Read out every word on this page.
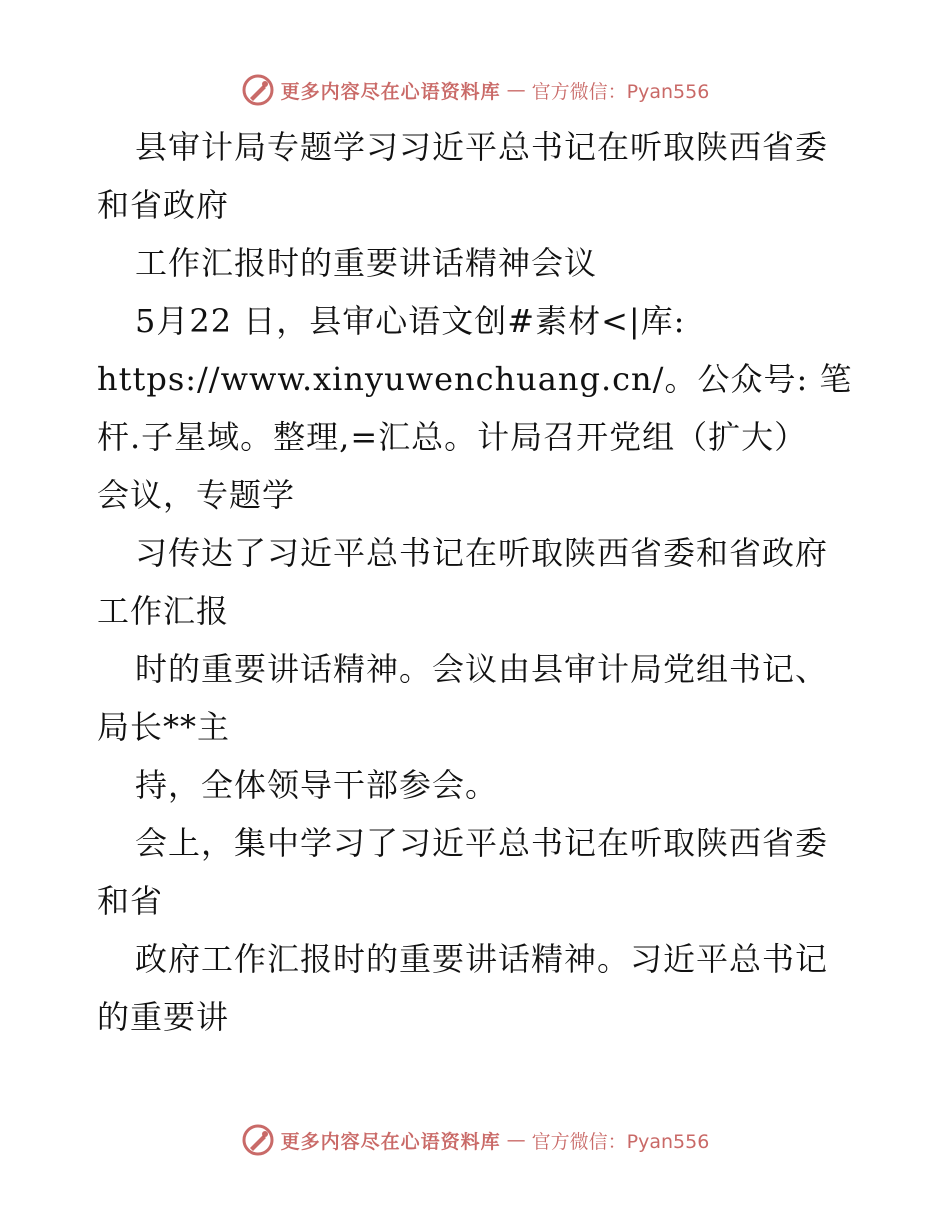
更多内容尽在心语资料库 — 官方微信：Pyan556
县审计局专题学习习近平总书记在听取陕西省委
和省政府
工作汇报时的重要讲话精神会议
5月22 日，县审心语文创#素材<|库:
https://www.xinyuwenchuang.cn/。公众号: 笔
杆.子星域。整理,=汇总。计局召开党组（扩大）
会议，专题学
习传达了习近平总书记在听取陕西省委和省政府
工作汇报
时的重要讲话精神。会议由县审计局党组书记、
局长**主
持，全体领导干部参会。
会上，集中学习了习近平总书记在听取陕西省委
和省
政府工作汇报时的重要讲话精神。习近平总书记
的重要讲
更多内容尽在心语资料库 — 官方微信：Pyan556
